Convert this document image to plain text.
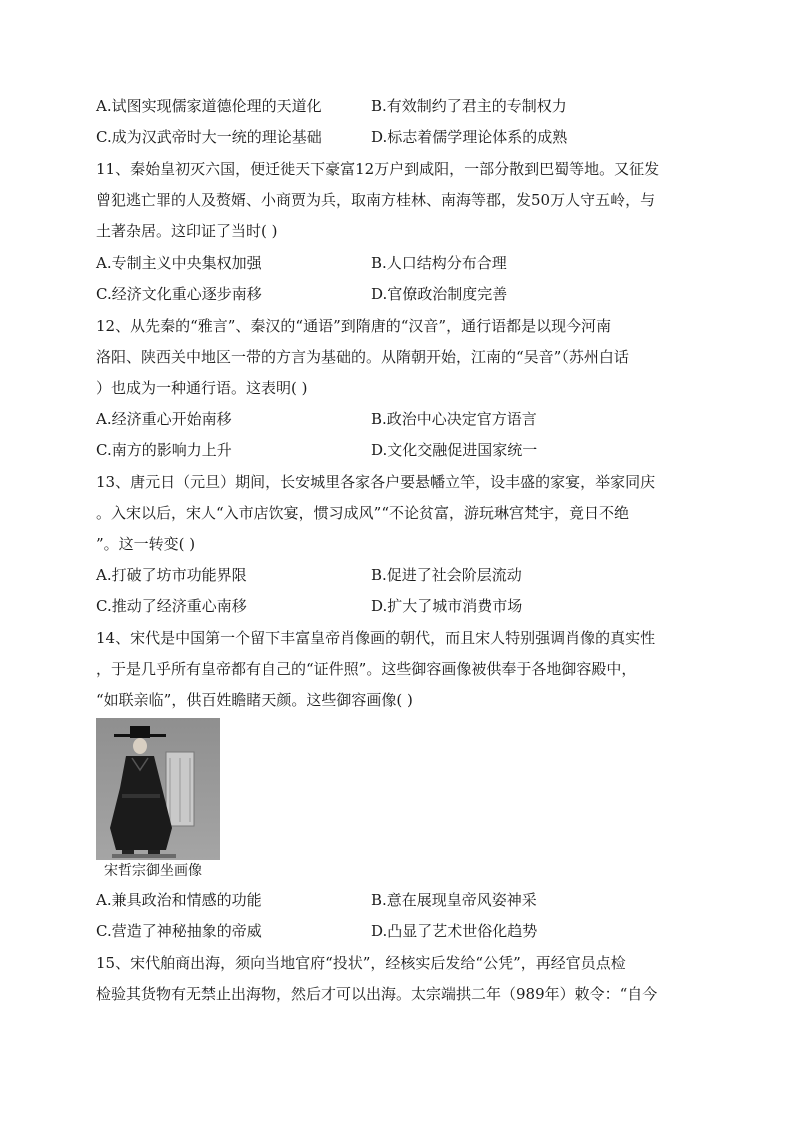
A.试图实现儒家道德伦理的天道化	B.有效制约了君主的专制权力
C.成为汉武帝时大一统的理论基础	D.标志着儒学理论体系的成熟
11、秦始皇初灭六国，便迁徙天下豪富12万户到咸阳，一部分散到巴蜀等地。又征发
曾犯逃亡罪的人及赘婿、小商贾为兵，取南方桂林、南海等郡，发50万人守五岭，与
土著杂居。这印证了当时( )
A.专制主义中央集权加强	B.人口结构分布合理
C.经济文化重心逐步南移	D.官僚政治制度完善
12、从先秦的“雅言”、秦汉的“通语”到隋唐的“汉音”，通行语都是以现今河南
洛阳、陕西关中地区一带的方言为基础的。从隋朝开始，江南的“吴音”（苏州白话
）也成为一种通行语。这表明( )
A.经济重心开始南移	B.政治中心决定官方语言
C.南方的影响力上升	D.文化交融促进国家统一
13、唐元日（元旦）期间，长安城里各家各户要悬幡立竿，设丰盛的家宴，举家同庆
。入宋以后，宋人“入市店饮宴，惯习成风”“不论贫富，游玩琳宫梵宇，竟日不绝
”。这一转变( )
A.打破了坊市功能界限	B.促进了社会阶层流动
C.推动了经济重心南移	D.扩大了城市消费市场
14、宋代是中国第一个留下丰富皇帝肖像画的朝代，而且宋人特别强调肖像的真实性
，于是几乎所有皇帝都有自己的“证件照”。这些御容画像被供奉于各地御容殿中，
“如联亲临”，供百姓瞻睹天颜。这些御容画像( )
宋哲宗御坐画像
A.兼具政治和情感的功能	B.意在展现皇帝风姿神采
C.营造了神秘抽象的帝威	D.凸显了艺术世俗化趋势
15、宋代舶商出海，须向当地官府“投状”，经核实后发给“公凭”，再经官员点检
检验其货物有无禁止出海物，然后才可以出海。太宗端拱二年（989年）敕令：“自今
